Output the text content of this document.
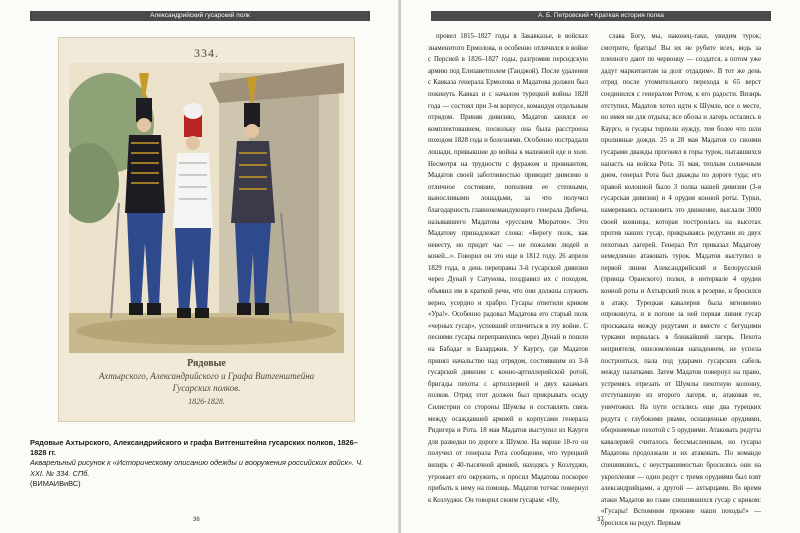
Александрийский гусарский полк
334.
Рядовые
Ахтырского, Александрийского и Графа Витгенштейна
Гусарских полков.
1826-1828.
Рядовые Ахтырского, Александрийского и графа Витгенштейна гусарских полков, 1826–1828 гг.
Акварельный рисунок к «Историческому описанию одежды и вооружения российских войск». Ч. XXI. № 334. СПб.
(ВИМАИВиВС)
36
А. Б. Петровский • Краткая история полка

провел 1815–1827 годы в Закавказье, в войсках знаменитого Ермолова, и особенно отличился в войне с Персией в 1826–1827 годы, разгромив персидскую армию под Елизаветполем (Ганджой). После удаления с Кавказа генерала Ермолова и Мадатова должен был покинуть Кавказ и с началом турецкой войны 1828 года — состоял при 3-м корпусе, командуя отдельным отрядом. Приняв дивизию, Мадатов занялся ее комплектованием, поскольку она была расстроена походом 1828 года и болезнями. Особенно пострадали лошади, привыкшие до войны к малежной еде и холе. Несмотря на трудности с фуражом и провиантом, Мадатов своей заботливостью приводит дивизию в отличное состояние, пополнив ее степными, выносливыми лошадьми, за что получил благодарность главнокомандующего генерала Дибича, называвшего Мадатова «русским Мюратом». Это Мадатову принадлежат слова: «Берегу полк, как невесту, но придет час — не пожалею людей и коней...». Говорил он это еще в 1812 году. 26 апреля 1829 года, в день переправы 3-й гусарской дивизии через Дунай у Сатунова, поздравил их с походом, объявил им в краткой речи, что они должны служить верно, усердно и храбро. Гусары ответили криком «Ура!». Особенно радовал Мадатова его старый полк «черных гусар», успевший отличиться в эту войне. С песнями гусары переправились через Дунай и пошли на Бабадаг и Базарджик. У Каургу, где Мадатов принял начальство над отрядом, состоявшим из 3-й гусарской дивизии с конно-артиллерийской ротой, бригады пехоты с артиллерией и двух казачьих полков. Отряд этот должен был прикрывать осаду Силистрии со стороны Шумлы и составлять связь между осаждавшей армией и корпусами генерала Ридигера и Рота. 18 мая Мадатов выступил из Каурги для разведки по дороге к Шумле. На марше 18-го он получил от генерала Рота сообщение, что турецкий визирь с 40-тысячной армией, находясь у Козлуджи, угрожает его окружить, и просил Мадатова поскорее прибыть к нему на помощь. Мадатов тотчас повернул к Козлуджи. Он говорил своим гусарам: «Ну,

слава Богу, мы, наконец-таки, увидим турок; смотрите, братцы! Вы их не рубите всех, ведь за пленного дают по червонцу — создатся, а потом уже дадут маркитантам за долг отдадим». В тот же день отряд после утомительного перехода в 65 верст соединился с генералом Ротом, к его радости. Визирь отступил, Мадатов хотел идти к Шумле, все о месте, но имея ни для отдыха; все обозы и лагерь остались в Каургe, и гусары терпели нужду, тем более что шли проливные дожди. 25 и 28 мая Мадатов со своими гусарами дважды прогонял в горы турок, пытавшихся напасть на войска Рота. 31 мая, теплым солнечным днем, генерал Рота был дважды по дороге туда; его правой колонной было 3 полка нашей дивизии (3-я гусарская дивизия) и 4 орудия конной роты. Турки, намереваясь остановить это движение, выслали 3000 своей конницы, которая построилась на высотах против наших гусар, прикрываясь редутами из двух пехотных лагерей. Генерал Рот приказал Мадатову немедленно атаковать турок. Мадатов выступил в первой линии Александрийский и Белорусский (принца Оранского) полки, в интервале 4 орудия конной роты и Ахтырский полк в резерве, и бросился в атаку. Турецкая кавалерия была мгновенно опрокинута, и в погоне за ней первая линия гусар проскакала между редутами и вместе с бегущими турками ворвалась в ближайший лагерь. Пехота неприятеля, ошеломленная нападением, не успела построиться, пала под ударами гусарских сабель между палатками. Затем Мадатов повернул на право, устремясь отрезать от Шумлы пехотную колонну, отступавшую из второго лагеря, и, атаковав ее, уничтожил. На пути остались еще два турецких редута с глубокими рвами, оснащенные орудиями, обороняемые пехотой с 5 орудиями. Атаковать редуты кавалерией считалось бессмысленным, но гусары Мадатова продолжали и их атаковать. По команде спешившись, с неустрашимостью бросились они на укрепления — один редут с тремя орудиями был взят александрийцами, а другой — ахтырцами. Во время атаки Мадатов во главе спешившихся гусар с криком: «Гусары! Вспомним прежние наши походы!» — бросился на редут. Первым

37
